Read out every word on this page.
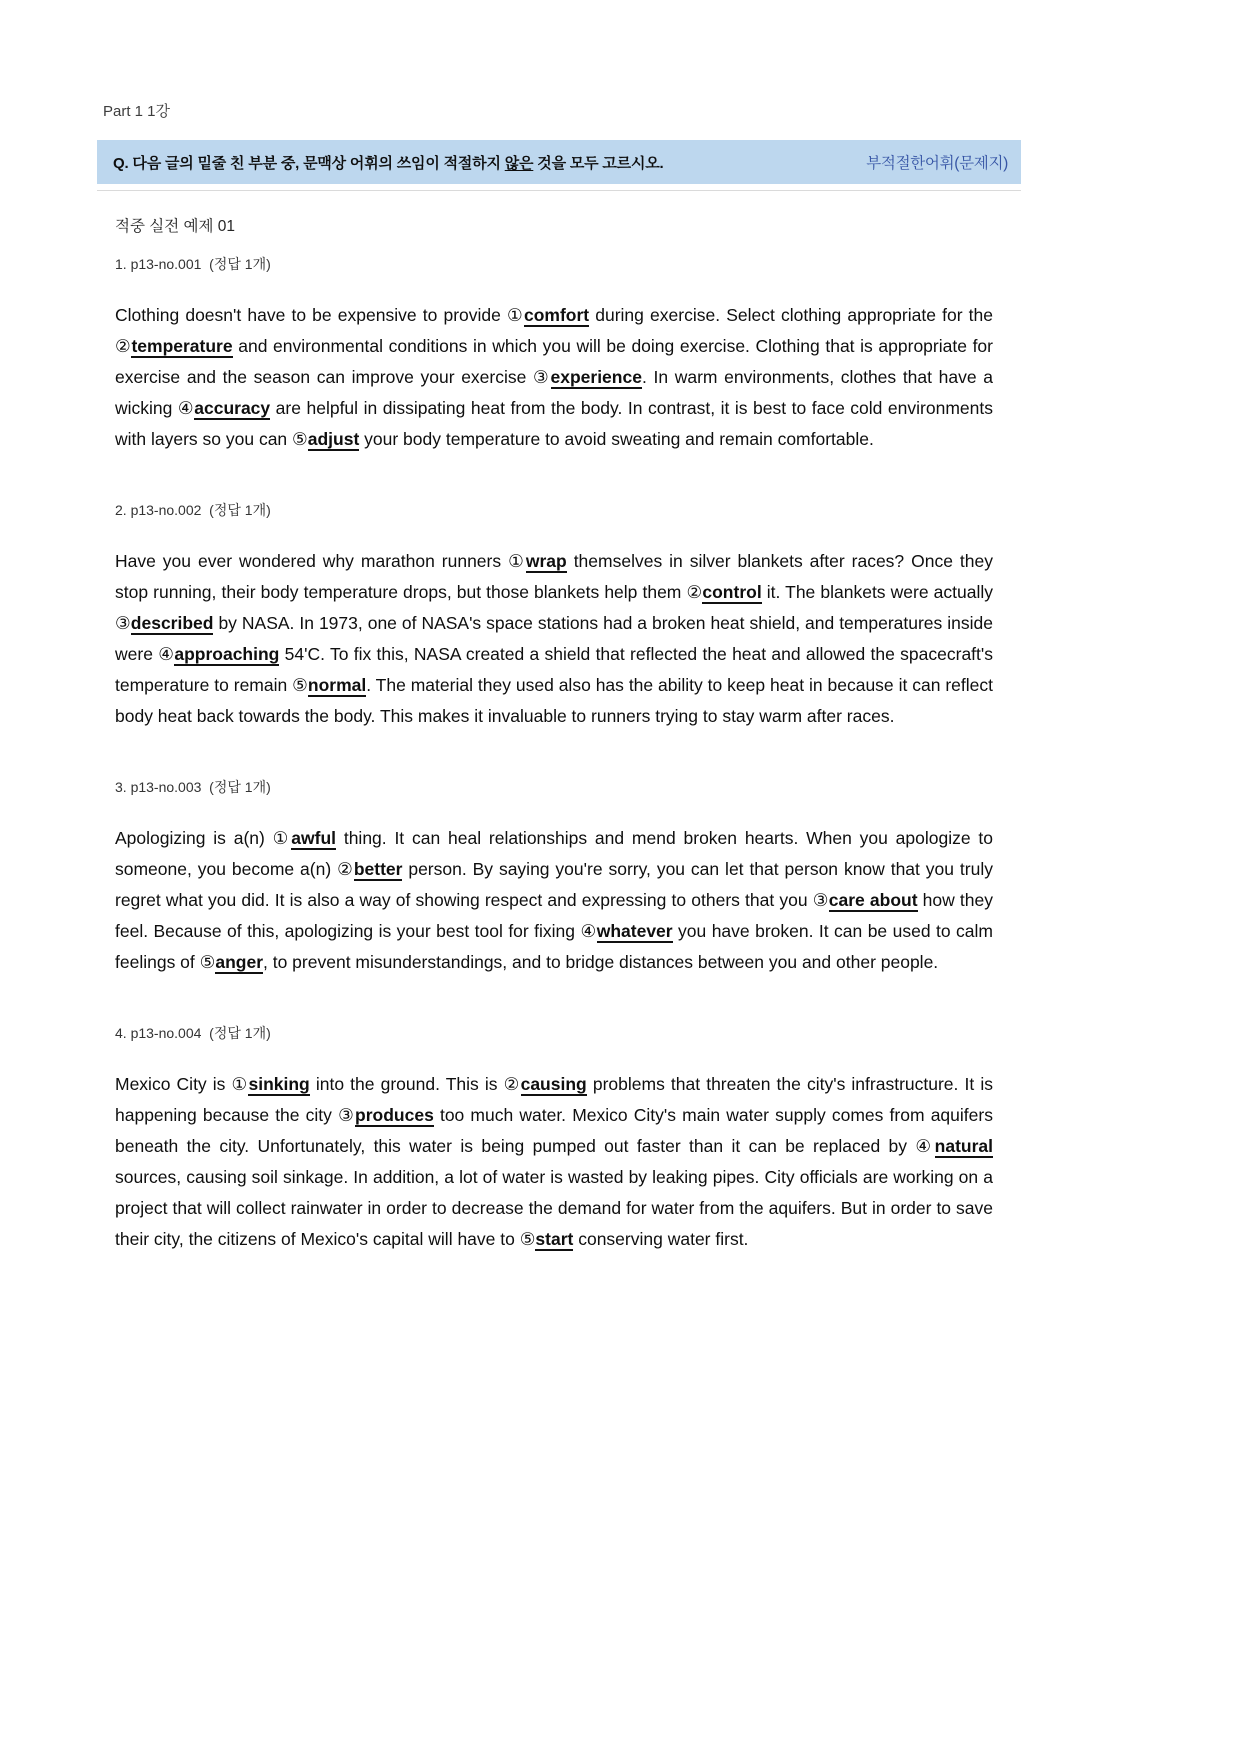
Part 1 1강
Q. 다음 글의 밑줄 친 부분 중, 문맥상 어휘의 쓰임이 적절하지 않은 것을 모두 고르시오.	부적절한어휘(문제지)
적중 실전 예제 01
1. p13-no.001  (정답 1개)

Clothing doesn't have to be expensive to provide ①comfort during exercise. Select clothing appropriate for the ②temperature and environmental conditions in which you will be doing exercise. Clothing that is appropriate for exercise and the season can improve your exercise ③experience. In warm environments, clothes that have a wicking ④accuracy are helpful in dissipating heat from the body. In contrast, it is best to face cold environments with layers so you can ⑤adjust your body temperature to avoid sweating and remain comfortable.

2. p13-no.002  (정답 1개)

Have you ever wondered why marathon runners ①wrap themselves in silver blankets after races? Once they stop running, their body temperature drops, but those blankets help them ②control it. The blankets were actually ③described by NASA. In 1973, one of NASA's space stations had a broken heat shield, and temperatures inside were ④approaching 54'C. To fix this, NASA created a shield that reflected the heat and allowed the spacecraft's temperature to remain ⑤normal. The material they used also has the ability to keep heat in because it can reflect body heat back towards the body. This makes it invaluable to runners trying to stay warm after races.

3. p13-no.003  (정답 1개)

Apologizing is a(n) ①awful thing. It can heal relationships and mend broken hearts. When you apologize to someone, you become a(n) ②better person. By saying you're sorry, you can let that person know that you truly regret what you did. It is also a way of showing respect and expressing to others that you ③care about how they feel. Because of this, apologizing is your best tool for fixing ④whatever you have broken. It can be used to calm feelings of ⑤anger, to prevent misunderstandings, and to bridge distances between you and other people.

4. p13-no.004  (정답 1개)

Mexico City is ①sinking into the ground. This is ②causing problems that threaten the city's infrastructure. It is happening because the city ③produces too much water. Mexico City's main water supply comes from aquifers beneath the city. Unfortunately, this water is being pumped out faster than it can be replaced by ④natural sources, causing soil sinkage. In addition, a lot of water is wasted by leaking pipes. City officials are working on a project that will collect rainwater in order to decrease the demand for water from the aquifers. But in order to save their city, the citizens of Mexico's capital will have to ⑤start conserving water first.
